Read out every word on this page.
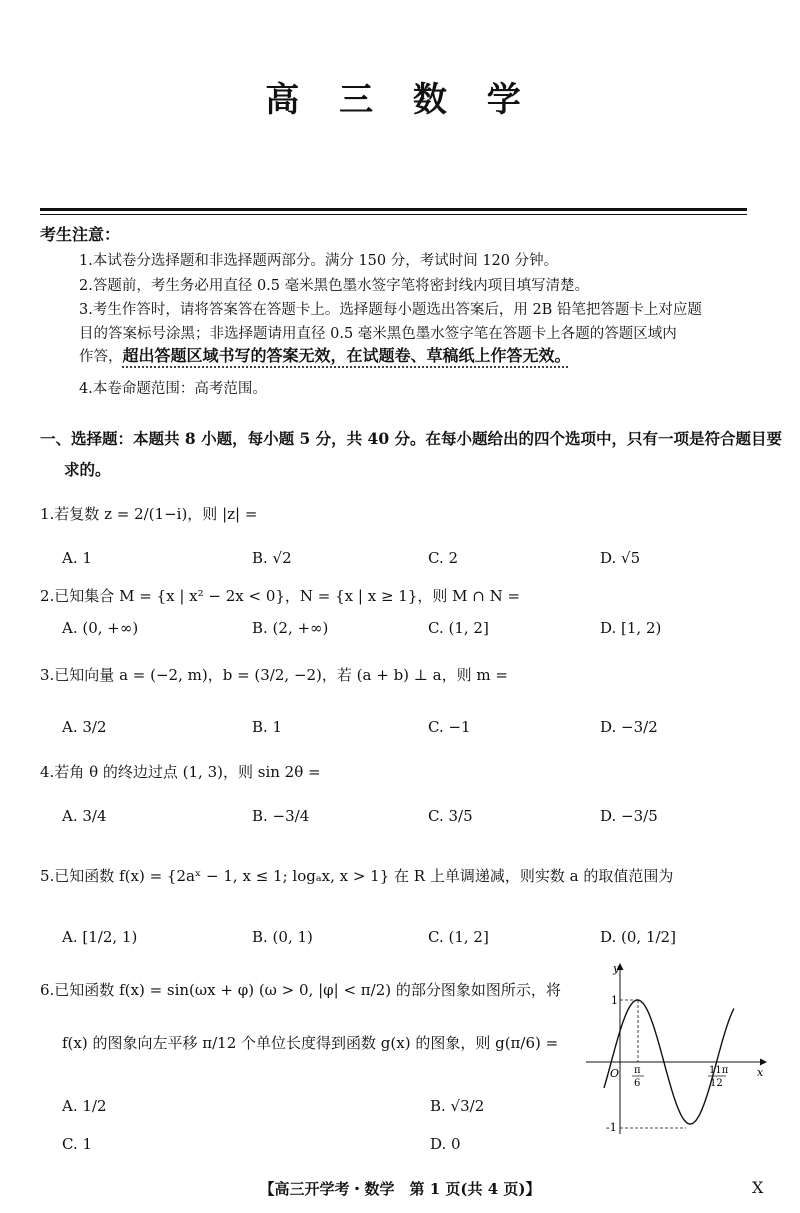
高 三 数 学
考生注意：
1.本试卷分选择题和非选择题两部分。满分 150 分，考试时间 120 分钟。
2.答题前，考生务必用直径 0.5 毫米黑色墨水签字笔将密封线内项目填写清楚。
3.考生作答时，请将答案答在答题卡上。选择题每小题选出答案后，用 2B 铅笔把答题卡上对应题
目的答案标号涂黑；非选择题请用直径 0.5 毫米黑色墨水签字笔在答题卡上各题的答题区域内
作答，超出答题区域书写的答案无效，在试题卷、草稿纸上作答无效。
4.本卷命题范围：高考范围。
一、选择题：本题共 8 小题，每小题 5 分，共 40 分。在每小题给出的四个选项中，只有一项是符合题目要
求的。
1.若复数 z = 2/(1−i)，则 |z| =
A. 1	B. √2	C. 2	D. √5
2.已知集合 M = {x | x² − 2x < 0}，N = {x | x ≥ 1}，则 M ∩ N =
A. (0, +∞)	B. (2, +∞)	C. (1, 2]	D. [1, 2)
3.已知向量 a = (−2, m)，b = (3/2, −2)，若 (a + b) ⊥ a，则 m =
A. 3/2	B. 1	C. −1	D. −3/2
4.若角 θ 的终边过点 (1, 3)，则 sin 2θ =
A. 3/4	B. −3/4	C. 3/5	D. −3/5
5.已知函数 f(x) = {2aˣ − 1, x ≤ 1; logₐx, x > 1} 在 R 上单调递减，则实数 a 的取值范围为
A. [1/2, 1)	B. (0, 1)	C. (1, 2]	D. (0, 1/2]
6.已知函数 f(x) = sin(ωx + φ) (ω > 0, |φ| < π/2) 的部分图象如图所示，将
f(x) 的图象向左平移 π/12 个单位长度得到函数 g(x) 的图象，则 g(π/6) =
A. 1/2	B. √3/2
C. 1	D. 0
y
x
O
1
-1
π
6
11π
12
【高三开学考・数学　第 1 页(共 4 页)】	X
